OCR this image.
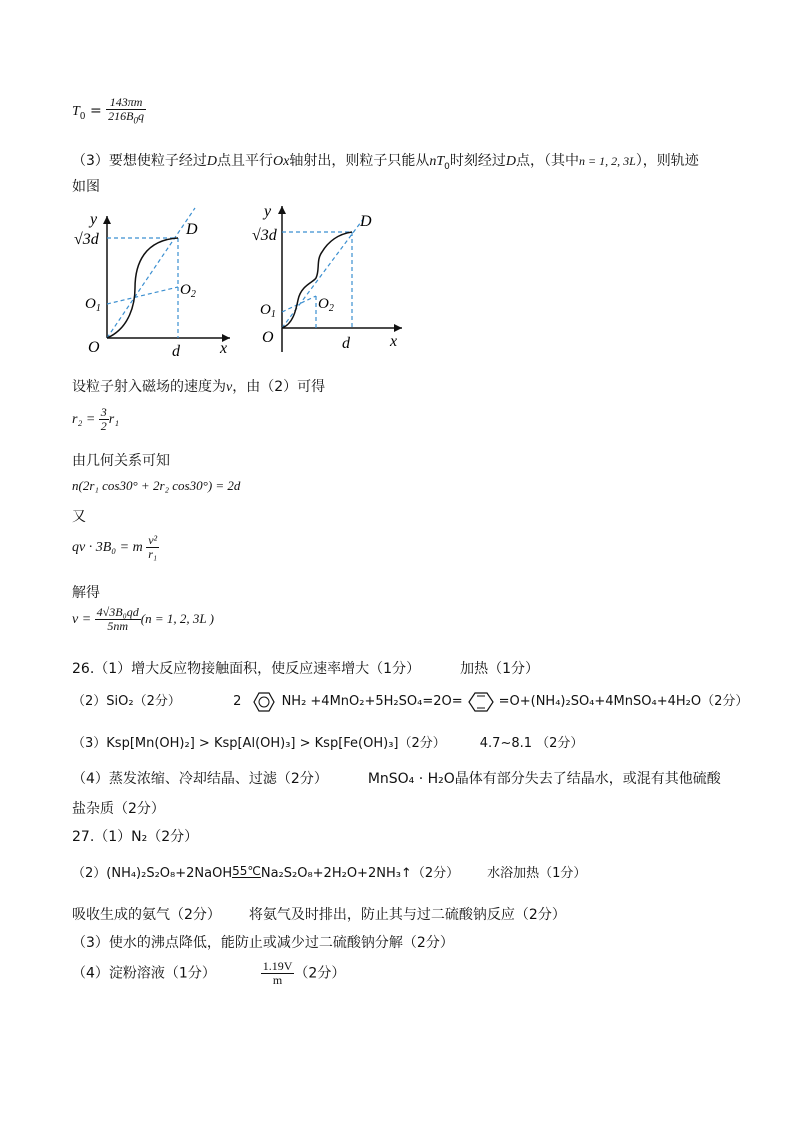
$T_0 = \frac{143\pi m}{216B_0q}$
（3）要想使粒子经过D点且平行Ox轴射出，则粒子只能从$nT_0$时刻经过D点，（其中n = 1, 2, 3L），则轨迹
如图
y
x
O
$O_1$
$O_2$
D
d
√3d
y
x
O
$O_1$
$O_2$
D
d
√3d
设粒子射入磁场的速度为v，由（2）可得
$r_2 = \frac{3}{2} r_1$
由几何关系可知
n(2r₁ cos30° + 2r₂ cos30°) = 2d
又
qv · 3B₀ = m $\frac{\text{v²}}{\text{r₁}}$
解得
$v = \frac{\text{4√3B₀qd}}{5nm} (n = 1$, 2, 3L )
26.（1）增大反应物接触面积，使反应速率增大（1分）	加热（1分）
（2）SiO₂（2分）	2	NH₂ +4MnO₂+5H₂SO₄=2O=	=O+(NH₄)₂SO₄+4MnSO₄+4H₂O（2分）
（3）Ksp[Mn(OH)₂] > Ksp[Al(OH)₃] > Ksp[Fe(OH)₃]（2分）	4.7~8.1 （2分）
（4）蒸发浓缩、冷却结晶、过滤（2分）	MnSO₄ · H₂O晶体有部分失去了结晶水，或混有其他硫酸
盐杂质（2分）
27.（1）N₂（2分）
（2）(NH₄)₂S₂O₈+2NaOH 55℃ Na₂S₂O₈+2H₂O+2NH₃↑（2分） 水浴加热（1分）
吸收生成的氨气（2分） 将氨气及时排出，防止其与过二硫酸钠反应（2分）
（3）使水的沸点降低，能防止或减少过二硫酸钠分解（2分）
（4）淀粉溶液（1分）	$\frac{1.19V}{m} (2$分）
